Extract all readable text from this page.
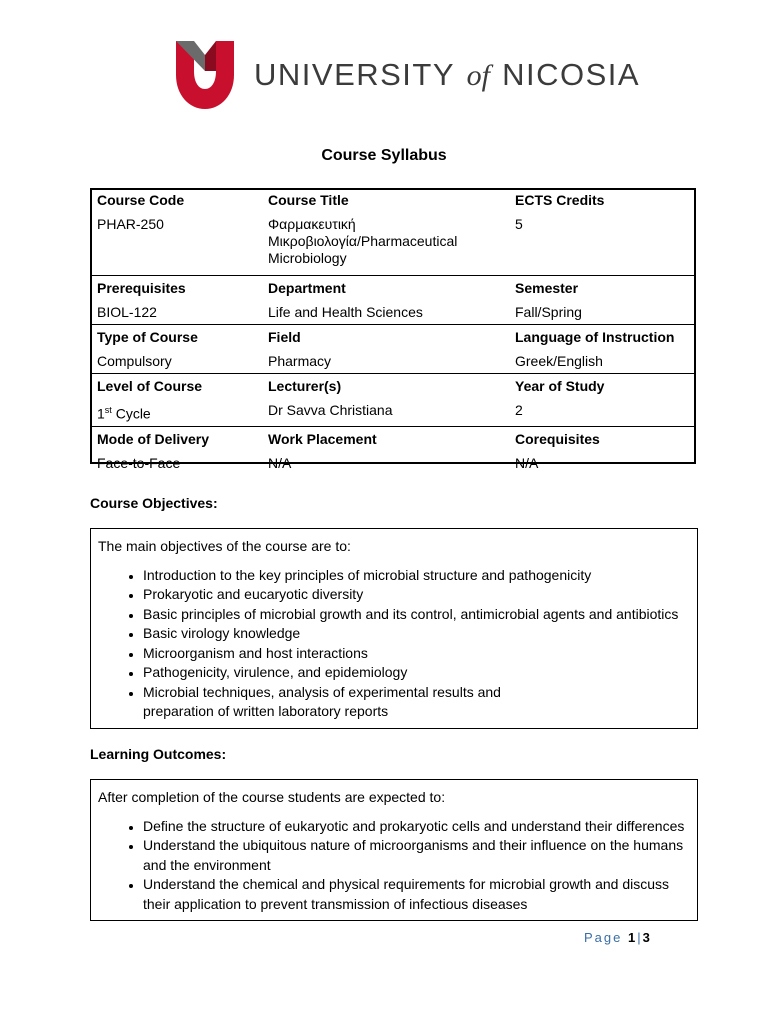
UNIVERSITY of NICOSIA
Course Syllabus
Course Code	Course Title	ECTS Credits
PHAR-250	Φαρμακευτική Μικροβιολογία/Pharmaceutical Microbiology	5
Prerequisites	Department	Semester
BIOL-122	Life and Health Sciences	Fall/Spring
Type of Course	Field	Language of Instruction
Compulsory	Pharmacy	Greek/English
Level of Course	Lecturer(s)	Year of Study
1st Cycle	Dr Savva Christiana	2
Mode of Delivery	Work Placement	Corequisites
Face-to-Face	N/A	N/A
Course Objectives:
The main objectives of the course are to:
• Introduction to the key principles of microbial structure and pathogenicity
• Prokaryotic and eucaryotic diversity
• Basic principles of microbial growth and its control, antimicrobial agents and antibiotics
• Basic virology knowledge
• Microorganism and host interactions
• Pathogenicity, virulence, and epidemiology
• Microbial techniques, analysis of experimental results and preparation of written laboratory reports
Learning Outcomes:
After completion of the course students are expected to:
• Define the structure of eukaryotic and prokaryotic cells and understand their differences
• Understand the ubiquitous nature of microorganisms and their influence on the humans and the environment
• Understand the chemical and physical requirements for microbial growth and discuss their application to prevent transmission of infectious diseases
Page 1 | 3
